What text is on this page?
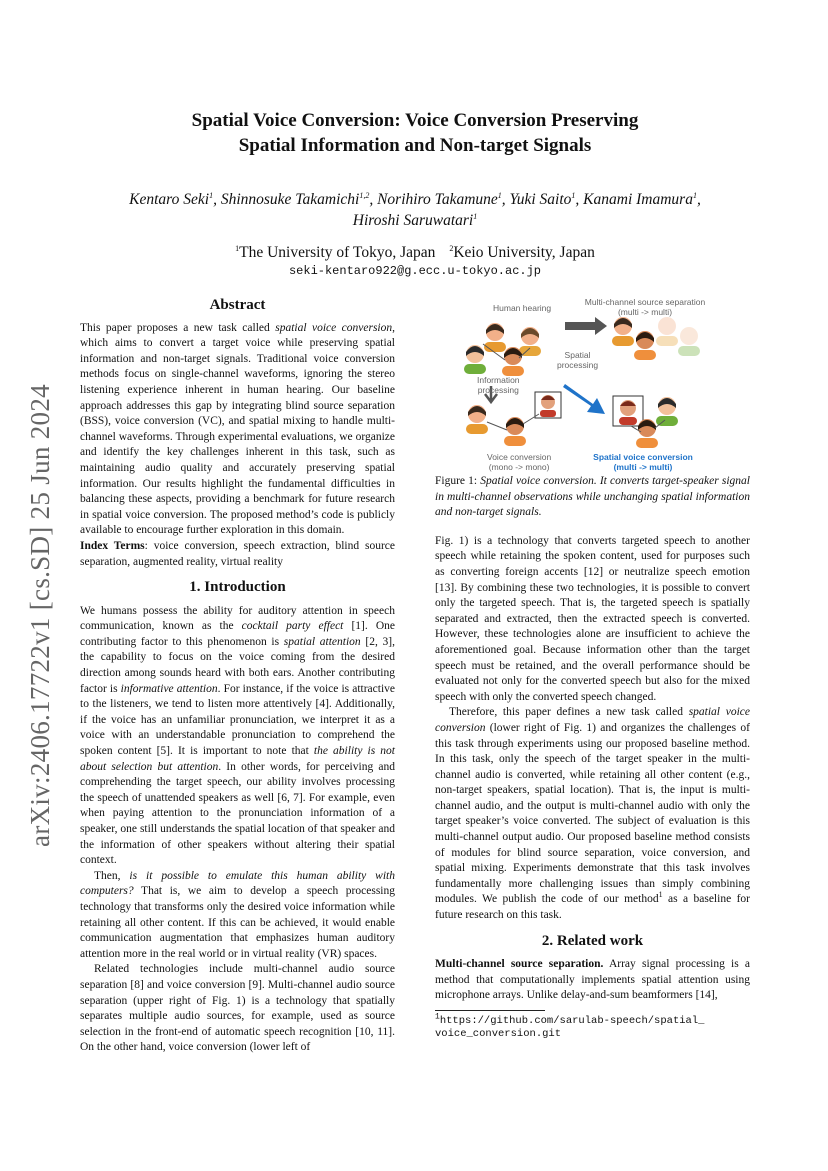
arXiv:2406.17722v1 [cs.SD] 25 Jun 2024
Spatial Voice Conversion: Voice Conversion Preserving
Spatial Information and Non-target Signals
Kentaro Seki$^1$, Shinnosuke Takamichi$^{1,2}$, Norihiro Takamune$^1$, Yuki Saito$^1$, Kanami Imamura$^1$,
Hiroshi Saruwatari$^1$
$^1$The University of Tokyo, Japan $^2$Keio University, Japan
seki-kentaro922@g.ecc.u-tokyo.ac.jp
Abstract

This paper proposes a new task called spatial voice conversion, which aims to convert a target voice while preserving spatial information and non-target signals. Traditional voice conversion methods focus on single-channel waveforms, ignoring the stereo listening experience inherent in human hearing. Our baseline approach addresses this gap by integrating blind source separation (BSS), voice conversion (VC), and spatial mixing to handle multi-channel waveforms. Through experimental evaluations, we organize and identify the key challenges inherent in this task, such as maintaining audio quality and accurately preserving spatial information. Our results highlight the fundamental difficulties in balancing these aspects, providing a benchmark for future research in spatial voice conversion. The proposed method’s code is publicly available to encourage further exploration in this domain.

Index Terms: voice conversion, speech extraction, blind source separation, augmented reality, virtual reality

1. Introduction

We humans possess the ability for auditory attention in speech communication, known as the cocktail party effect [1]. One contributing factor to this phenomenon is spatial attention [2, 3], the capability to focus on the voice coming from the desired direction among sounds heard with both ears. Another contributing factor is informative attention. For instance, if the voice is attractive to the listeners, we tend to listen more attentively [4]. Additionally, if the voice has an unfamiliar pronunciation, we interpret it as a voice with an understandable pronunciation to comprehend the spoken content [5]. It is important to note that the ability is not about selection but attention. In other words, for perceiving and comprehending the target speech, our ability involves processing the speech of unattended speakers as well [6, 7]. For example, even when paying attention to the pronunciation information of a speaker, one still understands the spatial location of that speaker and the information of other speakers without altering their spatial context.

Then, is it possible to emulate this human ability with computers? That is, we aim to develop a speech processing technology that transforms only the desired voice information while retaining all other content. If this can be achieved, it would enable communication augmentation that emphasizes human auditory attention more in the real world or in virtual reality (VR) spaces.

Related technologies include multi-channel audio source separation [8] and voice conversion [9]. Multi-channel audio source separation (upper right of Fig. 1) is a technology that spatially separates multiple audio sources, for example, used as source selection in the front-end of automatic speech recognition [10, 11]. On the other hand, voice conversion (lower left of

Human hearing
Multi-channel source separation
(multi -> multi)
Spatial
processing
Information
processing
Voice conversion
(mono -> mono)
Spatial voice conversion
(multi -> multi)

Figure 1: Spatial voice conversion. It converts target-speaker signal in multi-channel observations while unchanging spatial information and non-target signals.

Fig. 1) is a technology that converts targeted speech to another speech while retaining the spoken content, used for purposes such as converting foreign accents [12] or neutralize speech emotion [13]. By combining these two technologies, it is possible to convert only the targeted speech. That is, the targeted speech is spatially separated and extracted, then the extracted speech is converted. However, these technologies alone are insufficient to achieve the aforementioned goal. Because information other than the target speech must be retained, and the overall performance should be evaluated not only for the converted speech but also for the mixed speech with only the converted speech changed.

Therefore, this paper defines a new task called spatial voice conversion (lower right of Fig. 1) and organizes the challenges of this task through experiments using our proposed baseline method. In this task, only the speech of the target speaker in the multi-channel audio is converted, while retaining all other content (e.g., non-target speakers, spatial location). That is, the input is multi-channel audio, and the output is multi-channel audio with only the target speaker’s voice converted. The subject of evaluation is this multi-channel output audio. Our proposed baseline method consists of modules for blind source separation, voice conversion, and spatial mixing. Experiments demonstrate that this task involves fundamentally more challenging issues than simply combining modules. We publish the code of our method$^1$ as a baseline for future research on this task.

2. Related work

Multi-channel source separation. Array signal processing is a method that computationally implements spatial attention using microphone arrays. Unlike delay-and-sum beamformers [14],

$^1$https://github.com/sarulab-speech/spatial_
voice_conversion.git
